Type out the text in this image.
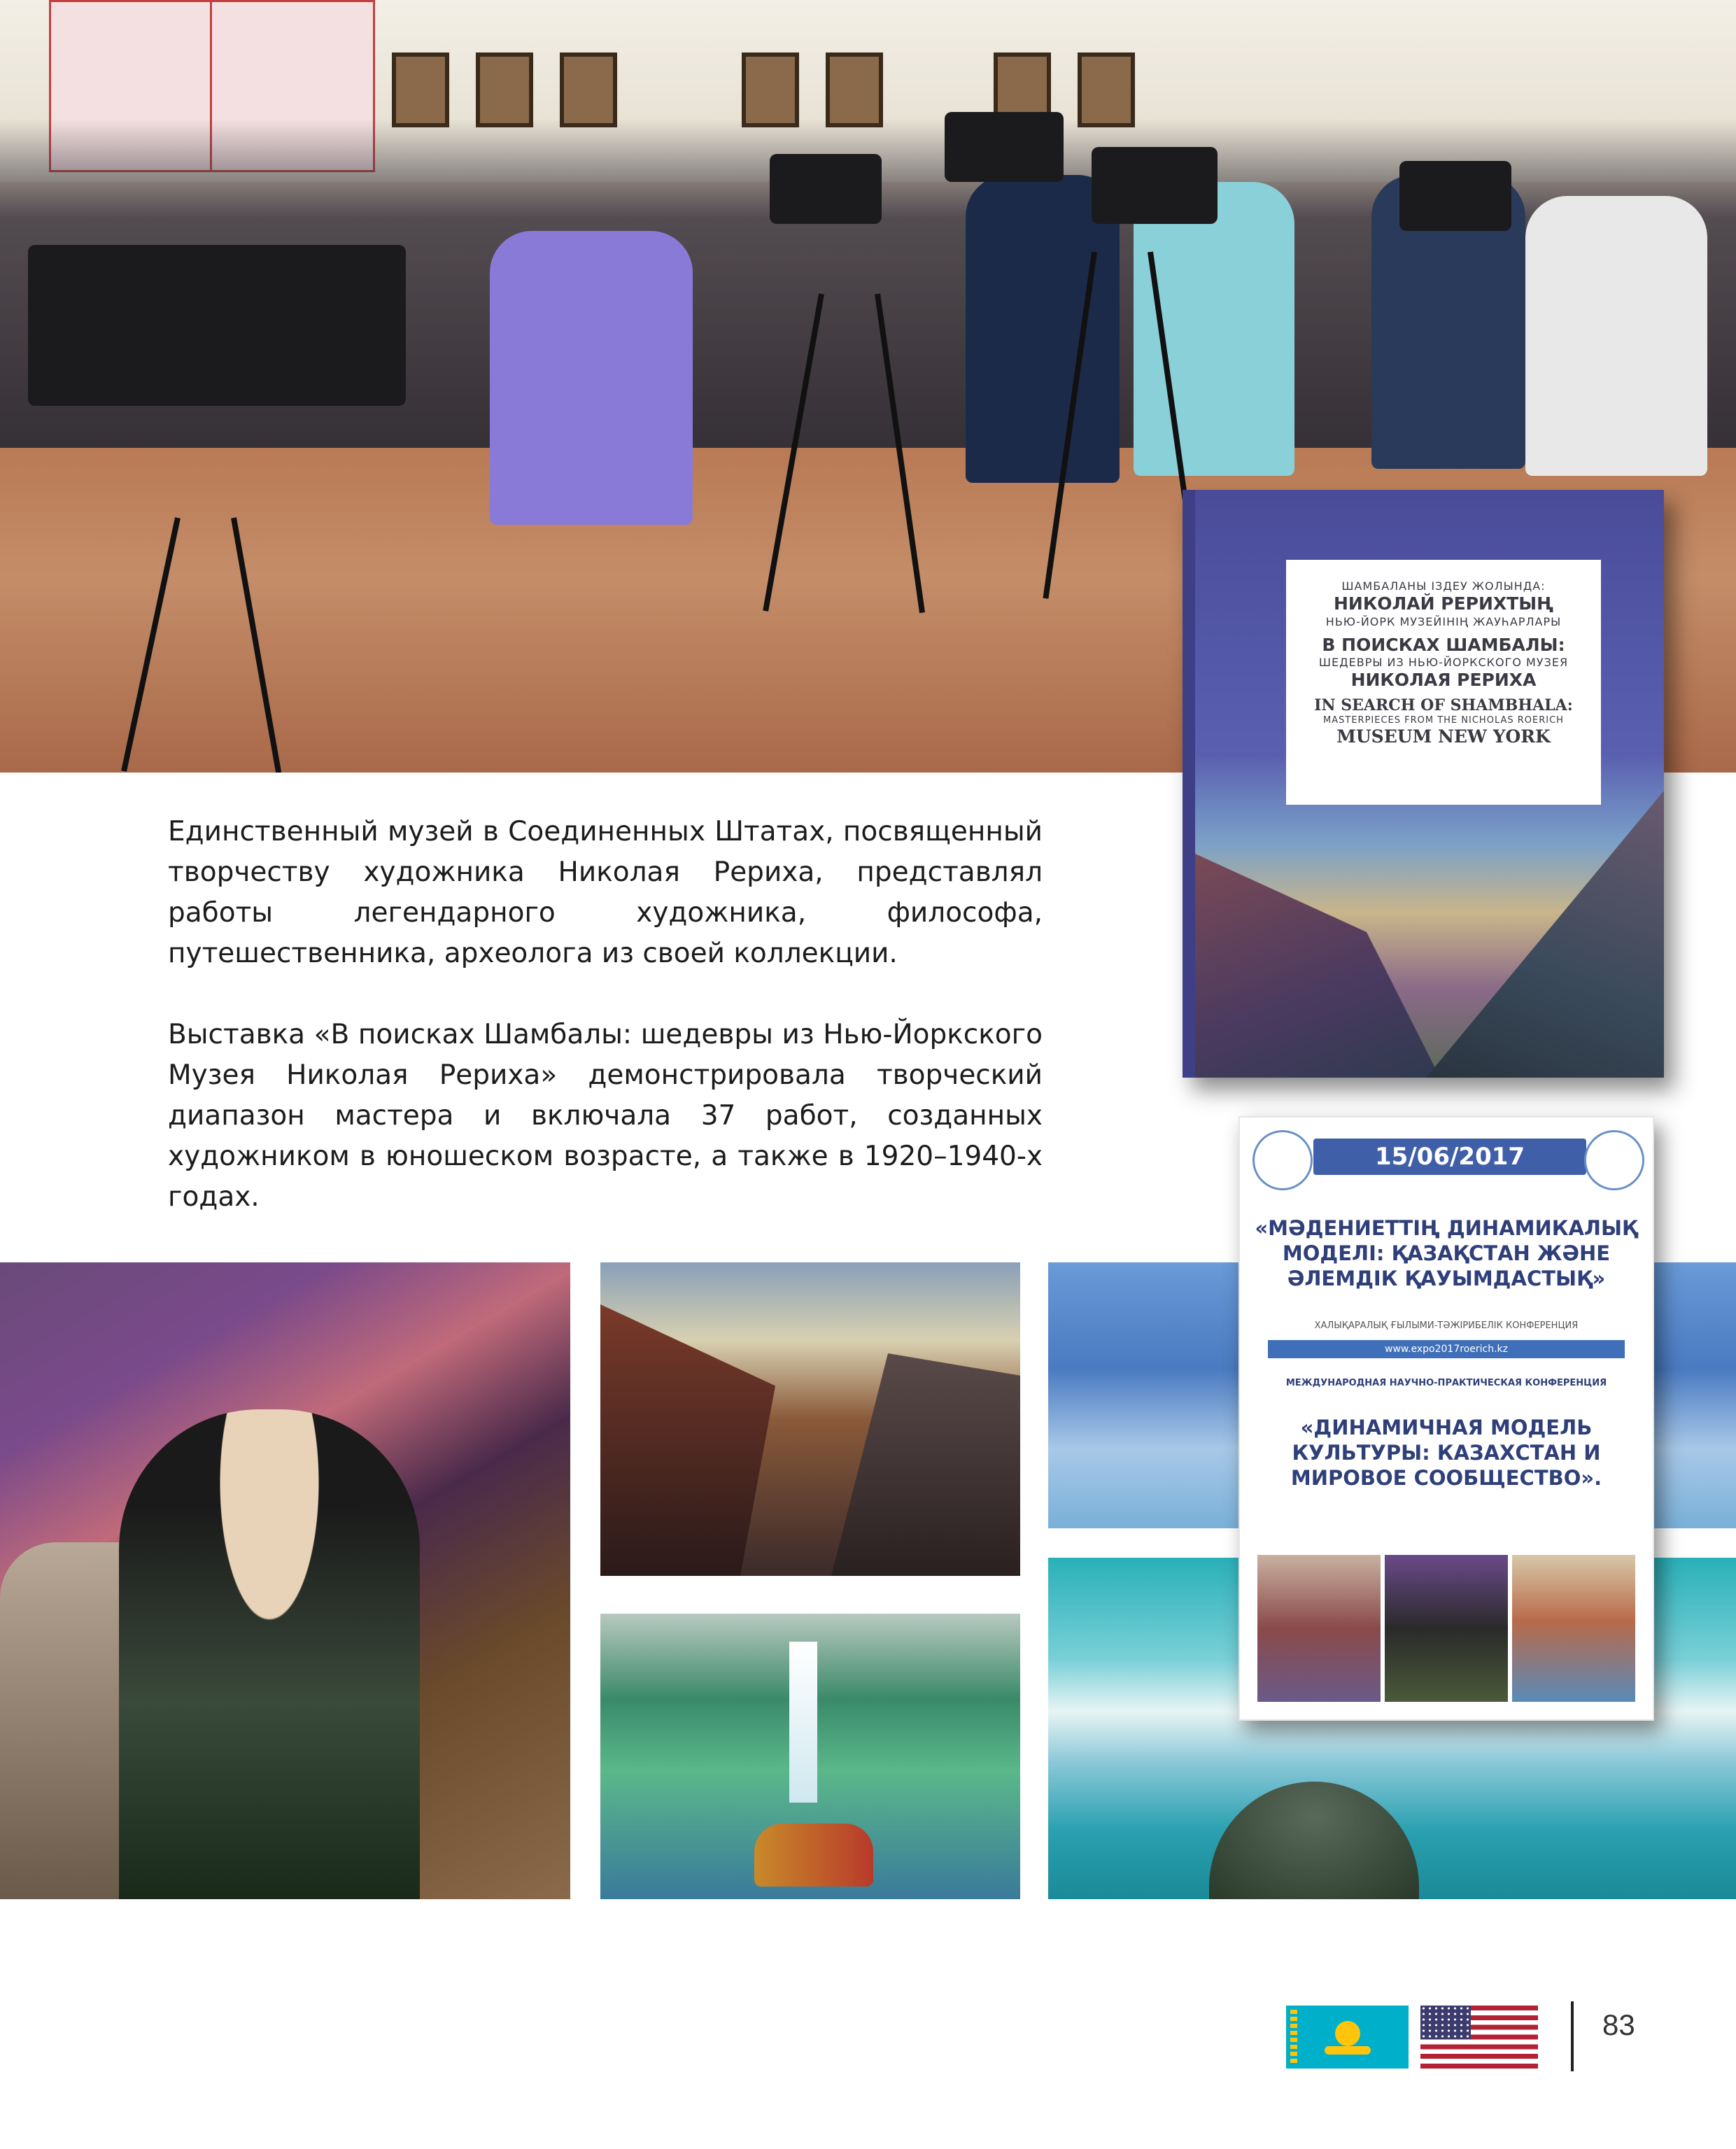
ШАМБАЛАНЫ ІЗДЕУ ЖОЛЫНДА:
НИКОЛАЙ РЕРИХТЫҢ
НЬЮ-ЙОРК МУЗЕЙІНІҢ ЖАУҺАРЛАРЫ
В ПОИСКАХ ШАМБАЛЫ:
ШЕДЕВРЫ ИЗ НЬЮ-ЙОРКСКОГО МУЗЕЯ
НИКОЛАЯ РЕРИХА
IN SEARCH OF SHAMBHALA:
MASTERPIECES FROM THE NICHOLAS ROERICH
MUSEUM NEW YORK

Единственный музей в Соединенных Штатах, посвященный творчеству художника Николая Рериха, представлял работы легендарного художника, философа, путешественника, археолога из своей коллекции.

Выставка «В поисках Шамбалы: шедевры из Нью-Йоркского Музея Николая Рериха» демонстрировала творческий диапазон мастера и включала 37 работ, созданных художником в юношеском возрасте, а также в 1920–1940-х годах.

15/06/2017
«МӘДЕНИЕТТІҢ ДИНАМИКАЛЫҚ МОДЕЛІ: ҚАЗАҚСТАН ЖӘНЕ ӘЛЕМДІК ҚАУЫМДАСТЫҚ»
ХАЛЫҚАРАЛЫҚ ҒЫЛЫМИ-ТӘЖІРИБЕЛІК КОНФЕРЕНЦИЯ
www.expo2017roerich.kz
МЕЖДУНАРОДНАЯ НАУЧНО-ПРАКТИЧЕСКАЯ КОНФЕРЕНЦИЯ
«ДИНАМИЧНАЯ МОДЕЛЬ КУЛЬТУРЫ: КАЗАХСТАН И МИРОВОЕ СООБЩЕСТВО».
83
